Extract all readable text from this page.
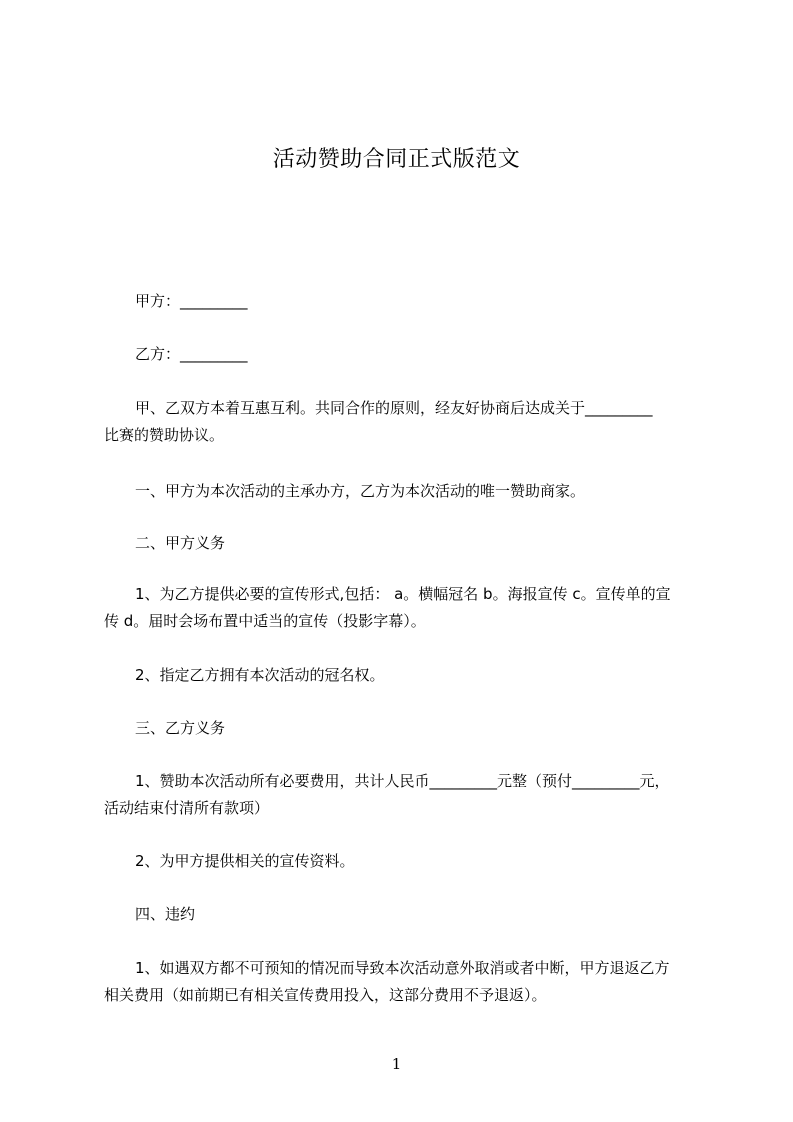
活动赞助合同正式版范文
甲方：_________
乙方：_________
甲、乙双方本着互惠互利。共同合作的原则，经友好协商后达成关于_________
比赛的赞助协议。
一、甲方为本次活动的主承办方，乙方为本次活动的唯一赞助商家。
二、甲方义务
1、为乙方提供必要的宣传形式,包括： a。横幅冠名 b。海报宣传 c。宣传单的宣
传 d。届时会场布置中适当的宣传（投影字幕）。
2、指定乙方拥有本次活动的冠名权。
三、乙方义务
1、赞助本次活动所有必要费用，共计人民币_________元整（预付_________元，
活动结束付清所有款项）
2、为甲方提供相关的宣传资料。
四、违约
1、如遇双方都不可预知的情况而导致本次活动意外取消或者中断，甲方退返乙方
相关费用（如前期已有相关宣传费用投入，这部分费用不予退返）。
1
